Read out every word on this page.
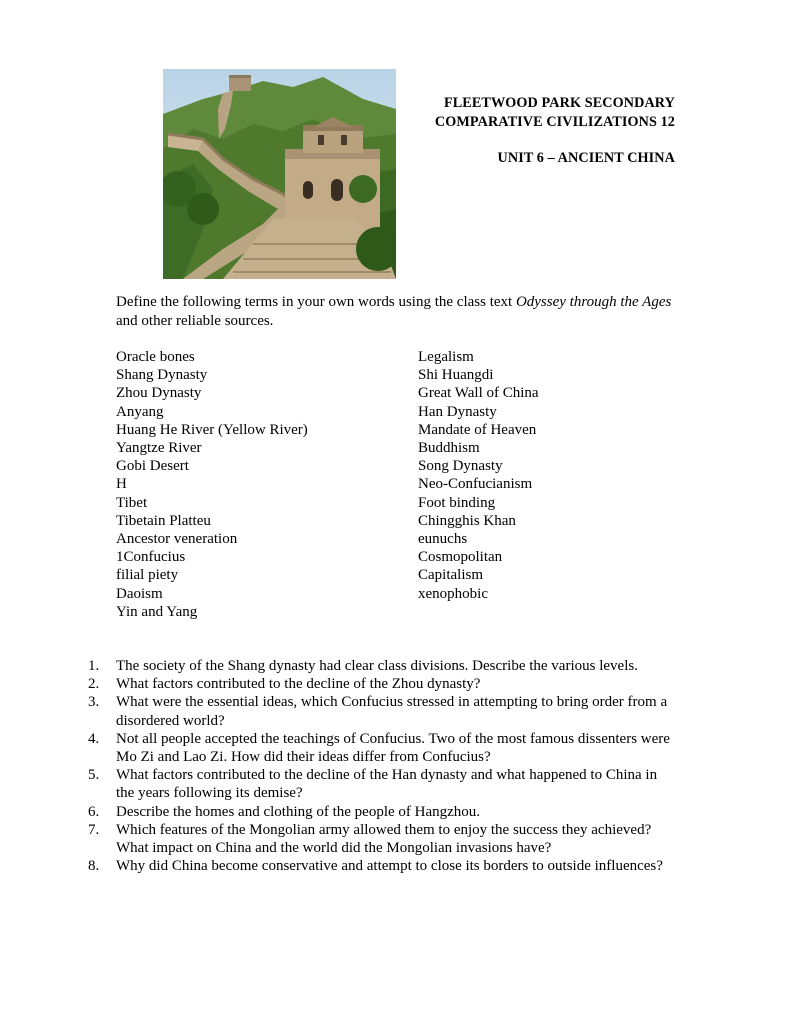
FLEETWOOD PARK SECONDARY
COMPARATIVE CIVILIZATIONS 12
UNIT 6 – ANCIENT CHINA
Define the following terms in your own words using the class text Odyssey through the Ages and other reliable sources.
Oracle bones
Shang Dynasty
Zhou Dynasty
Anyang
Huang He River (Yellow River)
Yangtze River
Gobi Desert
H
Tibet
Tibetain Platteu
Ancestor veneration
1Confucius
filial piety
Daoism
Yin and Yang
Legalism
Shi Huangdi
Great Wall of China
Han Dynasty
Mandate of Heaven
Buddhism
Song Dynasty
Neo-Confucianism
Foot binding
Chingghis Khan
eunuchs
Cosmopolitan
Capitalism
xenophobic
1.	The society of the Shang dynasty had clear class divisions. Describe the various levels.
2.	What factors contributed to the decline of the Zhou dynasty?
3.	What were the essential ideas, which Confucius stressed in attempting to bring order from a disordered world?
4.	Not all people accepted the teachings of Confucius. Two of the most famous dissenters were Mo Zi and Lao Zi. How did their ideas differ from Confucius?
5.	What factors contributed to the decline of the Han dynasty and what happened to China in the years following its demise?
6.	Describe the homes and clothing of the people of Hangzhou.
7.	Which features of the Mongolian army allowed them to enjoy the success they achieved? What impact on China and the world did the Mongolian invasions have?
8.	Why did China become conservative and attempt to close its borders to outside influences?
